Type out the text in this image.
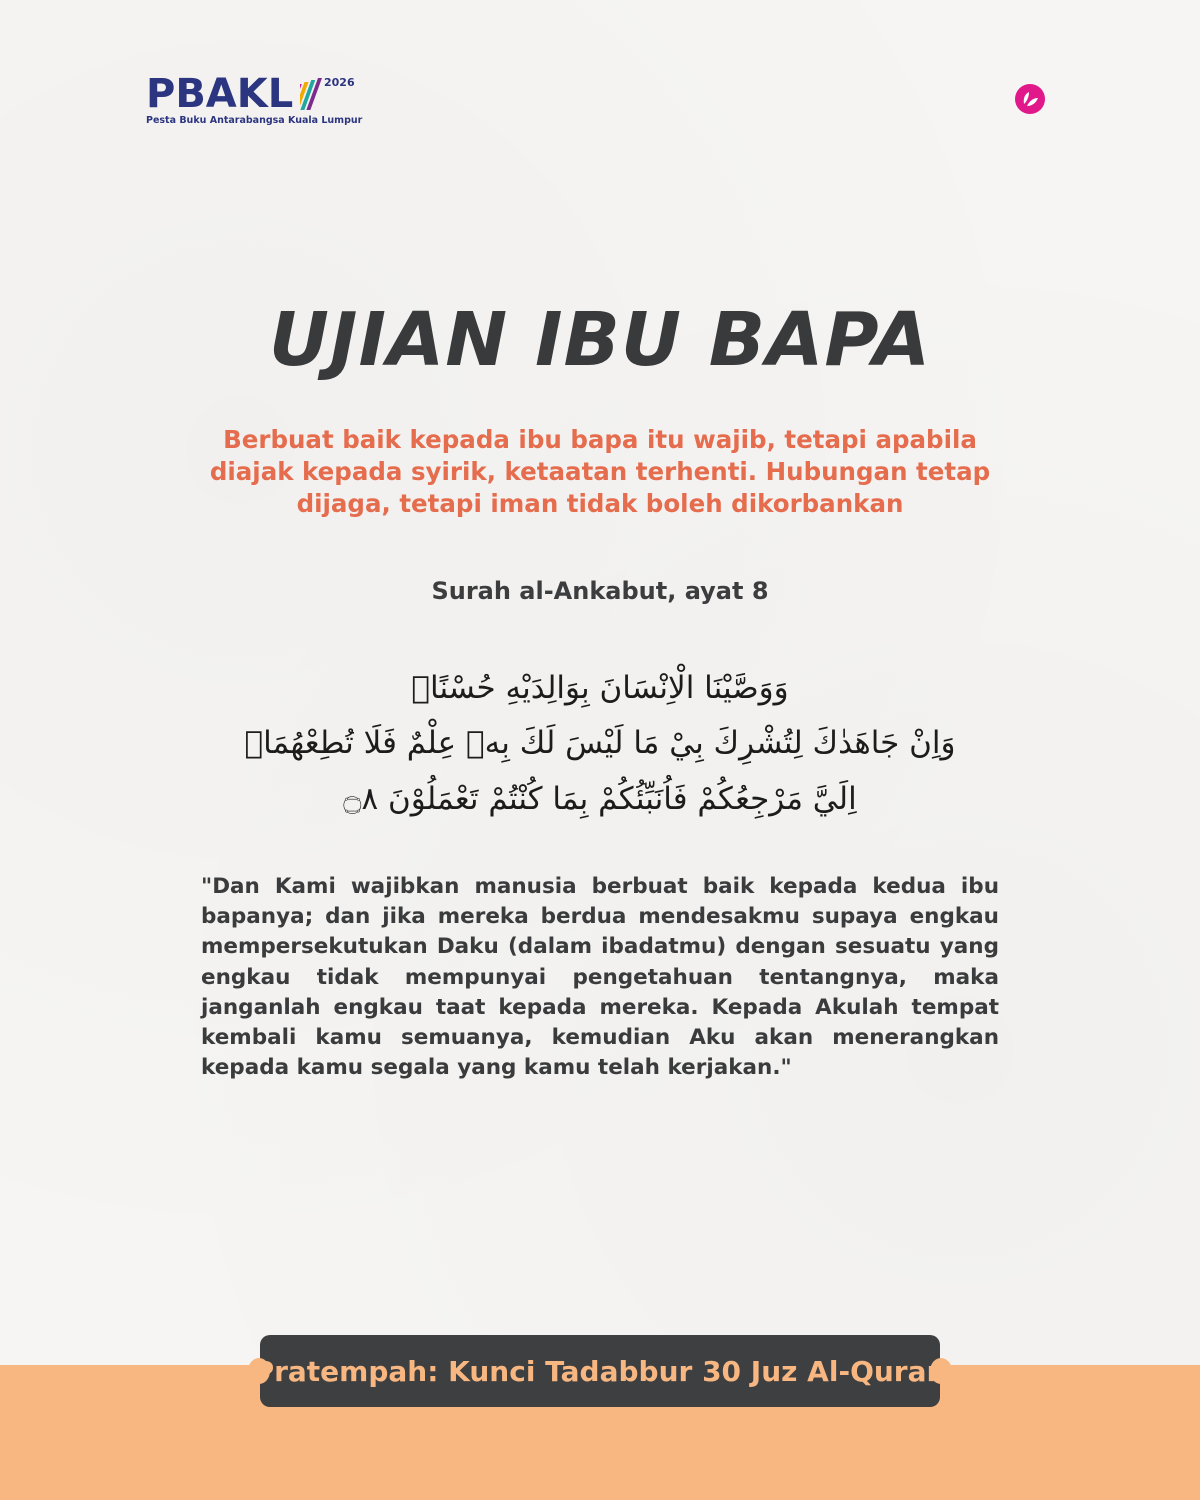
PBAKL	2026
Pesta Buku Antarabangsa Kuala Lumpur
UJIAN IBU BAPA
Berbuat baik kepada ibu bapa itu wajib, tetapi apabila diajak kepada syirik, ketaatan terhenti. Hubungan tetap dijaga, tetapi iman tidak boleh dikorbankan
Surah al-Ankabut, ayat 8
وَوَصَّيْنَا الْاِنْسَانَ بِوَالِدَيْهِ حُسْنًاۗ
وَاِنْ جَاهَدٰكَ لِتُشْرِكَ بِيْ مَا لَيْسَ لَكَ بِهٖ عِلْمٌ فَلَا تُطِعْهُمَاۗ
اِلَيَّ مَرْجِعُكُمْ فَاُنَبِّئُكُمْ بِمَا كُنْتُمْ تَعْمَلُوْنَ ۝٨
"Dan Kami wajibkan manusia berbuat baik kepada kedua ibu bapanya; dan jika mereka berdua mendesakmu supaya engkau mempersekutukan Daku (dalam ibadatmu) dengan sesuatu yang engkau tidak mempunyai pengetahuan tentangnya, maka janganlah engkau taat kepada mereka. Kepada Akulah tempat kembali kamu semuanya, kemudian Aku akan menerangkan kepada kamu segala yang kamu telah kerjakan."
Pratempah: Kunci Tadabbur 30 Juz Al-Quran
